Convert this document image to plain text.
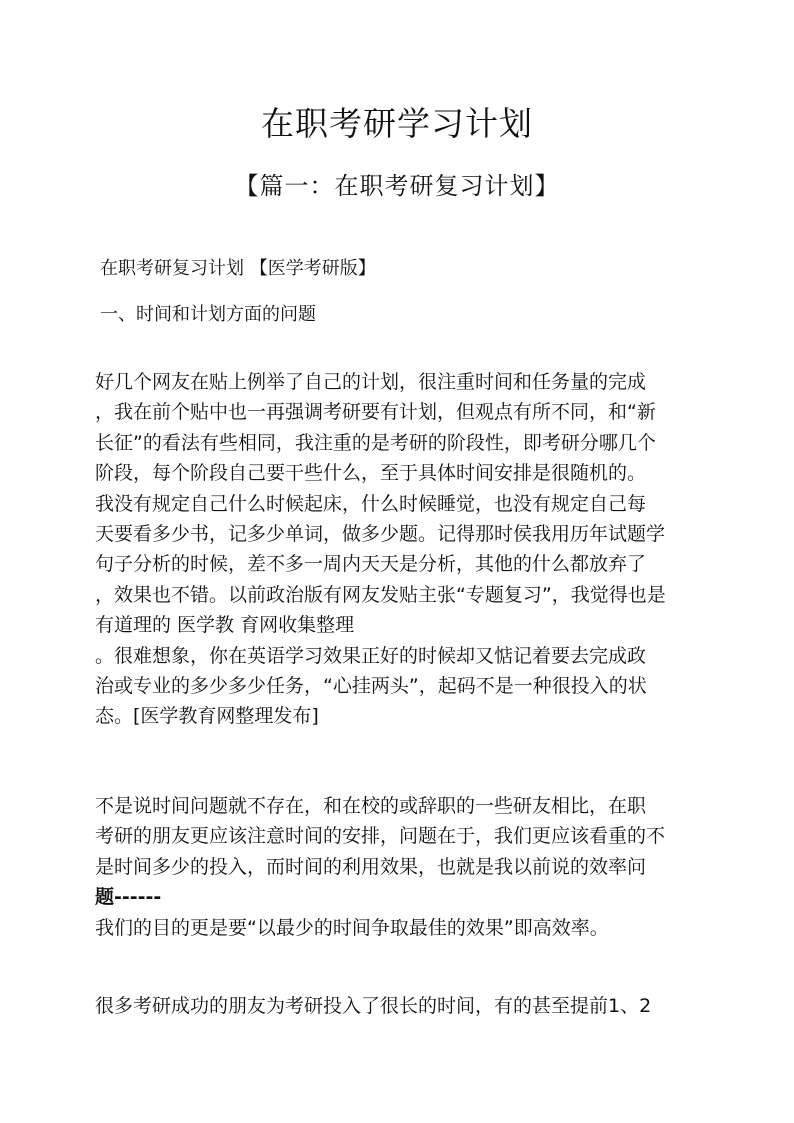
在职考研学习计划
【篇一：在职考研复习计划】
在职考研复习计划 【医学考研版】
一、时间和计划方面的问题
好几个网友在贴上例举了自己的计划，很注重时间和任务量的完成
，我在前个贴中也一再强调考研要有计划，但观点有所不同，和“新
长征”的看法有些相同，我注重的是考研的阶段性，即考研分哪几个
阶段，每个阶段自己要干些什么，至于具体时间安排是很随机的。
我没有规定自己什么时候起床，什么时候睡觉，也没有规定自己每
天要看多少书，记多少单词，做多少题。记得那时侯我用历年试题学
句子分析的时候，差不多一周内天天是分析，其他的什么都放弃了
，效果也不错。以前政治版有网友发贴主张“专题复习”，我觉得也是
有道理的 医学教 育网收集整理
。很难想象，你在英语学习效果正好的时候却又惦记着要去完成政
治或专业的多少多少任务，“心挂两头”，起码不是一种很投入的状
态。[医学教育网整理发布]
不是说时间问题就不存在，和在校的或辞职的一些研友相比，在职
考研的朋友更应该注意时间的安排，问题在于，我们更应该看重的不
是时间多少的投入，而时间的利用效果，也就是我以前说的效率问
题------
我们的目的更是要“以最少的时间争取最佳的效果”即高效率。
很多考研成功的朋友为考研投入了很长的时间，有的甚至提前1、2
